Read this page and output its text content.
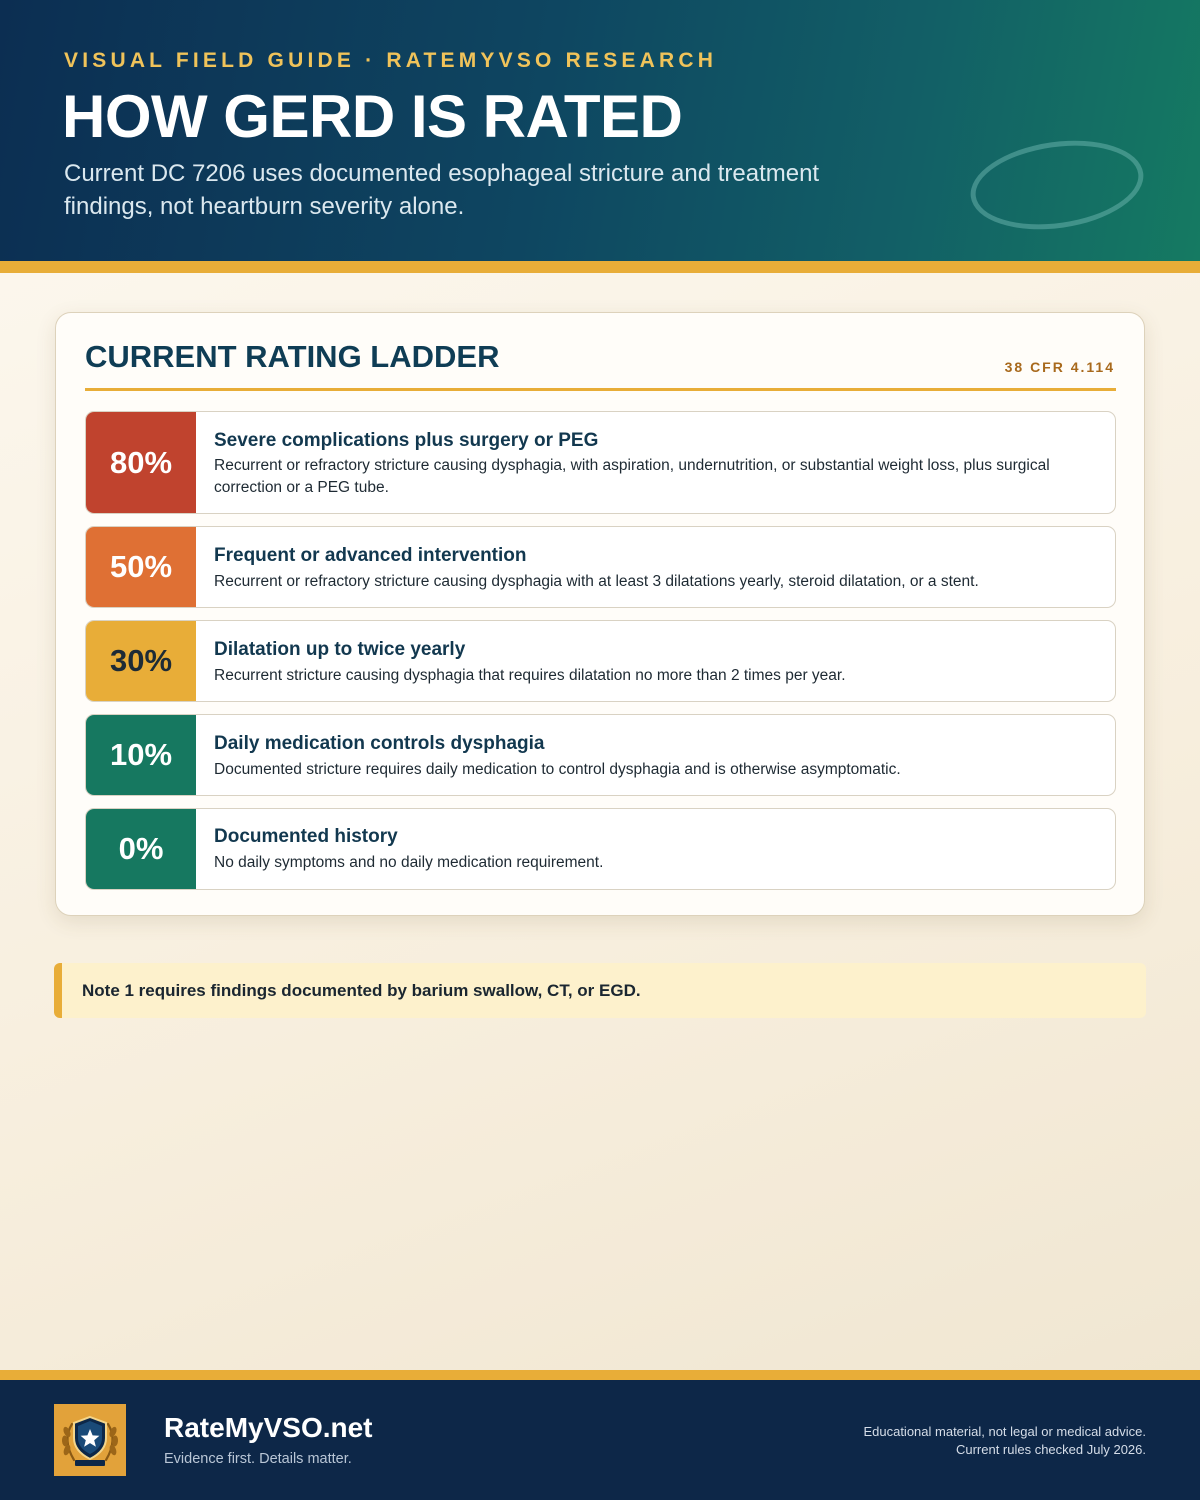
VISUAL FIELD GUIDE · RATEMYVSO RESEARCH
HOW GERD IS RATED
Current DC 7206 uses documented esophageal stricture and treatment findings, not heartburn severity alone.
CURRENT RATING LADDER	38 CFR 4.114
80%
Severe complications plus surgery or PEG
Recurrent or refractory stricture causing dysphagia, with aspiration, undernutrition, or substantial weight loss, plus surgical correction or a PEG tube.
50%	Frequent or advanced intervention
Recurrent or refractory stricture causing dysphagia with at least 3 dilatations yearly, steroid dilatation, or a stent.
30%	Dilatation up to twice yearly
Recurrent stricture causing dysphagia that requires dilatation no more than 2 times per year.
10%	Daily medication controls dysphagia
Documented stricture requires daily medication to control dysphagia and is otherwise asymptomatic.
0%	Documented history
No daily symptoms and no daily medication requirement.
Note 1 requires findings documented by barium swallow, CT, or EGD.
RateMyVSO.net
Evidence first. Details matter.
Educational material, not legal or medical advice.
Current rules checked July 2026.
